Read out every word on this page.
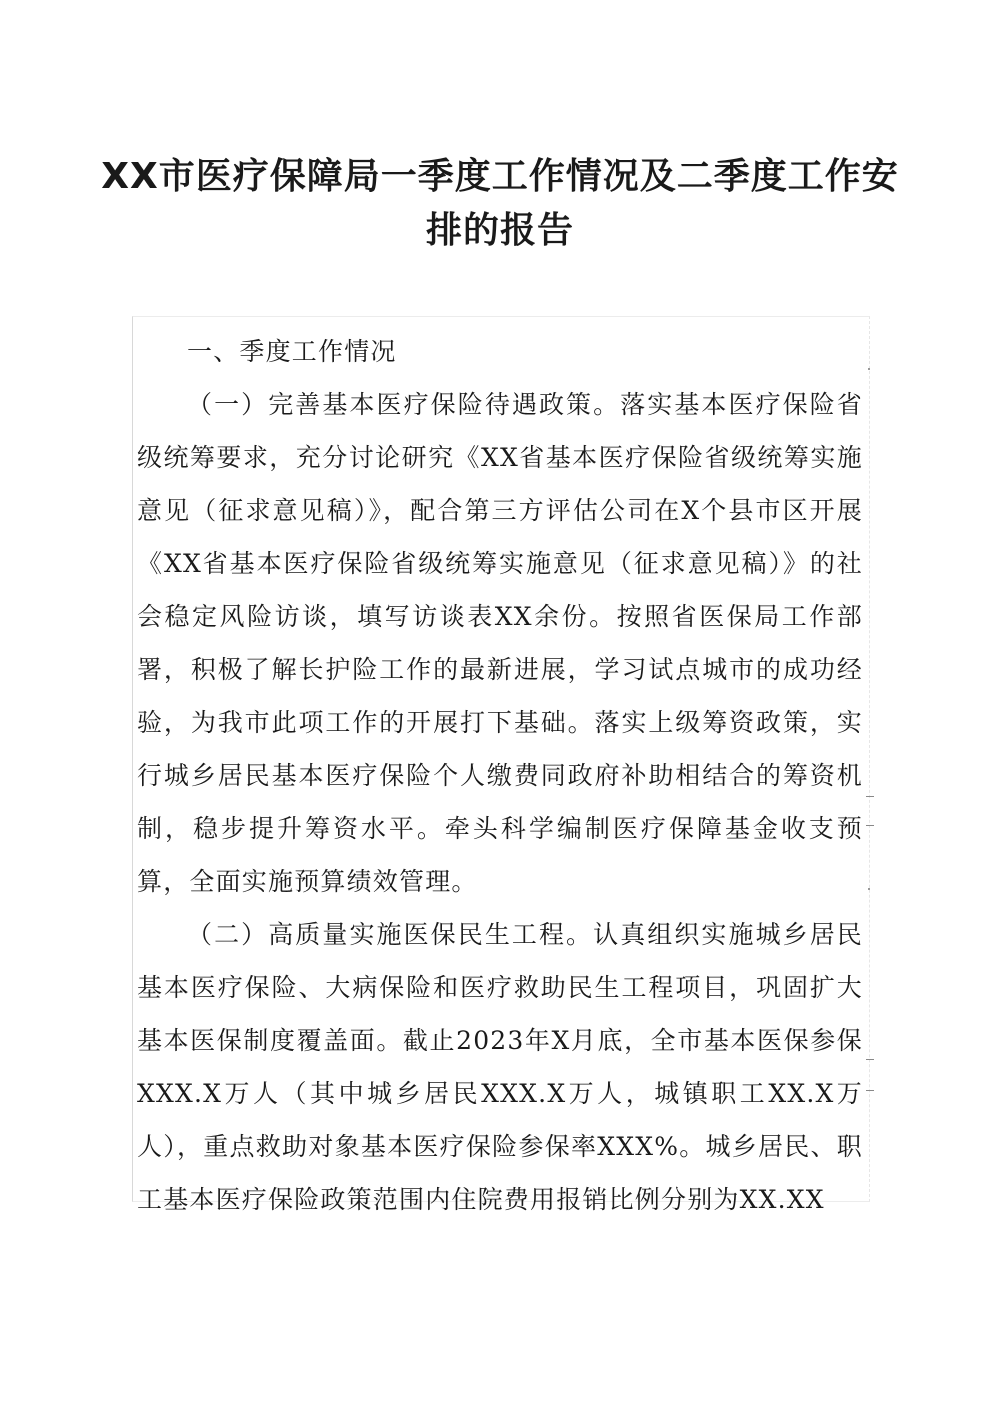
XX市医疗保障局一季度工作情况及二季度工作安排的报告

一、季度工作情况

（一）完善基本医疗保险待遇政策。落实基本医疗保险省级统筹要求，充分讨论研究《XX省基本医疗保险省级统筹实施意见（征求意见稿）》，配合第三方评估公司在X个县市区开展《XX省基本医疗保险省级统筹实施意见（征求意见稿）》的社会稳定风险访谈，填写访谈表XX余份。按照省医保局工作部署，积极了解长护险工作的最新进展，学习试点城市的成功经验，为我市此项工作的开展打下基础。落实上级筹资政策，实行城乡居民基本医疗保险个人缴费同政府补助相结合的筹资机制，稳步提升筹资水平。牵头科学编制医疗保障基金收支预算，全面实施预算绩效管理。

（二）高质量实施医保民生工程。认真组织实施城乡居民基本医疗保险、大病保险和医疗救助民生工程项目，巩固扩大基本医保制度覆盖面。截止2023年X月底，全市基本医保参保XXX.X万人（其中城乡居民XXX.X万人，城镇职工XX.X万人），重点救助对象基本医疗保险参保率XXX%。城乡居民、职工基本医疗保险政策范围内住院费用报销比例分别为XX.XX
